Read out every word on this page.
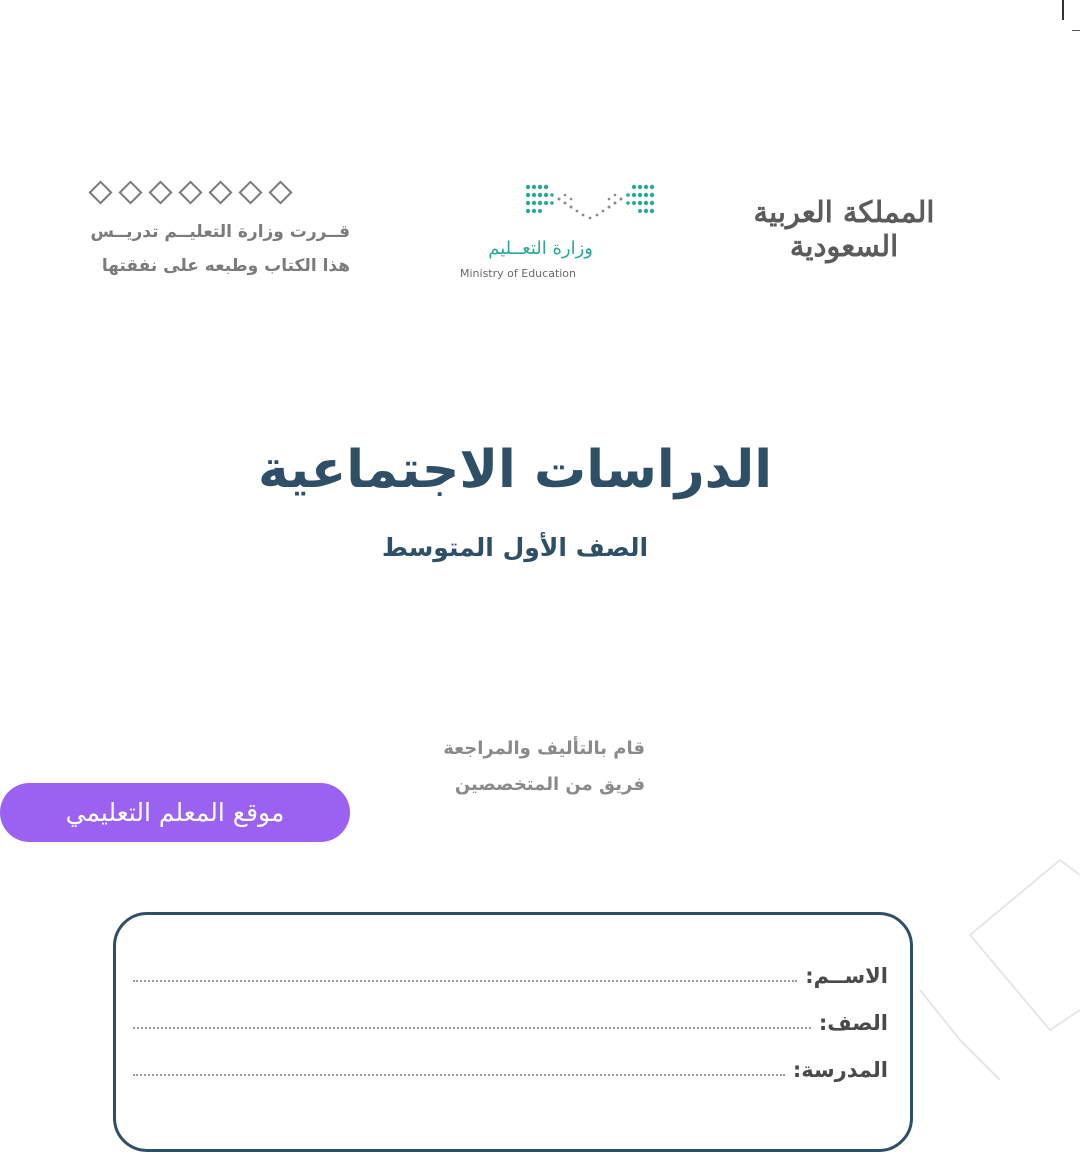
قــررت وزارة التعليــم تدريــس
هذا الكتاب وطبعه على نفقتها
وزارة التعــليم
Ministry of Education
المملكة العربية السعودية
الدراسات الاجتماعية
الصف الأول المتوسط
قام بالتأليف والمراجعة
فريق من المتخصصين
موقع المعلم التعليمي
الاســم:
الصف:
المدرسة:
